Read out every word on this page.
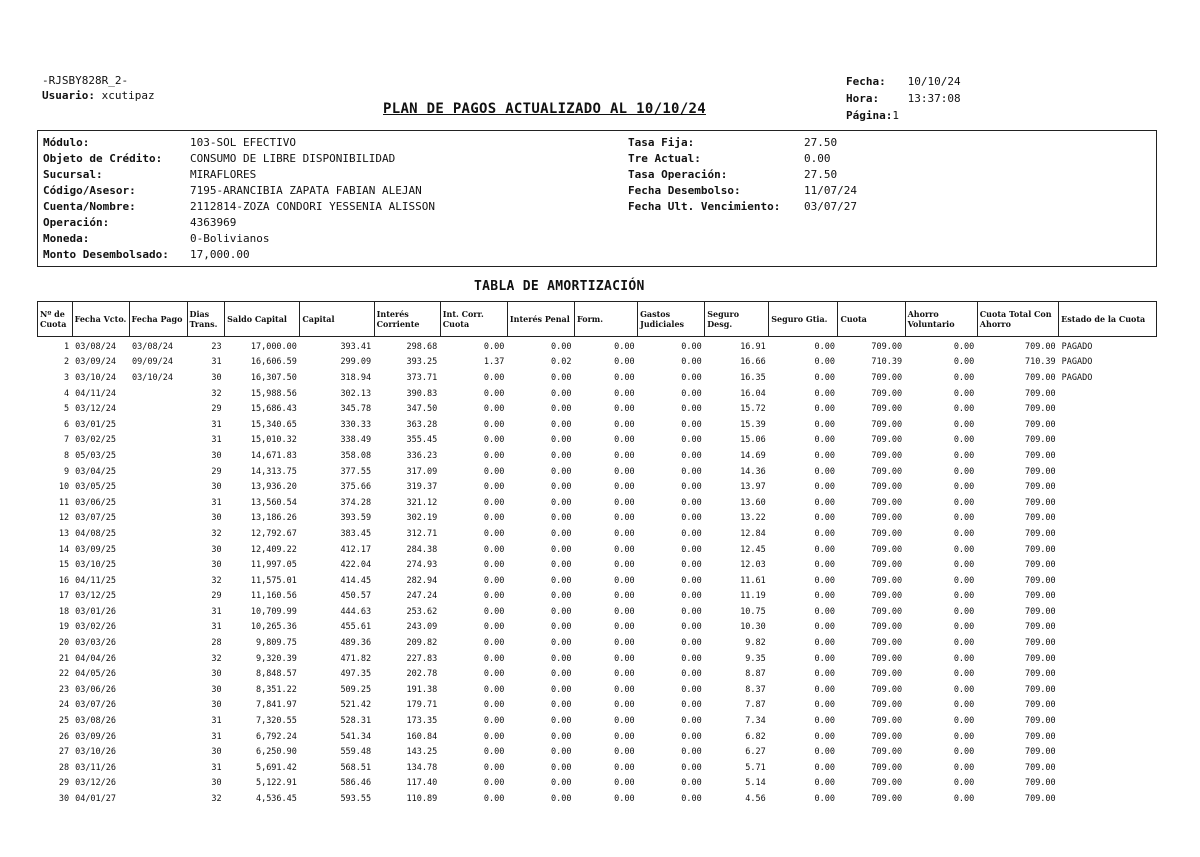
-RJSBY828R_2-
Usuario: xcutipaz
Fecha: 10/10/24
Hora:	13:37:08
Página:1
PLAN DE PAGOS ACTUALIZADO AL 10/10/24
Módulo:	103-SOL EFECTIVO
Objeto de Crédito:	CONSUMO DE LIBRE DISPONIBILIDAD
Sucursal:	MIRAFLORES
Código/Asesor:	7195-ARANCIBIA ZAPATA FABIAN ALEJAN
Cuenta/Nombre:	2112814-ZOZA CONDORI YESSENIA ALISSON
Operación:	4363969
Moneda:	0-Bolivianos
Monto Desembolsado:	17,000.00
Tasa Fija:	27.50
Tre Actual:	0.00
Tasa Operación:	27.50
Fecha Desembolso:	11/07/24
Fecha Ult. Vencimiento:	03/07/27
TABLA DE AMORTIZACIÓN
Nº de Cuota	Fecha Vcto.	Fecha Pago	Dias Trans.	Saldo Capital	Capital	Interés Corriente	Int. Corr. Cuota	Interés Penal	Form.	Gastos Judiciales	Seguro Desg.	Seguro Gtia.	Cuota	Ahorro Voluntario	Cuota Total Con Ahorro	Estado de la Cuota
1	03/08/24	03/08/24	23	17,000.00	393.41	298.68	0.00	0.00	0.00	0.00	16.91	0.00	709.00	0.00	709.00	PAGADO
2	03/09/24	09/09/24	31	16,606.59	299.09	393.25	1.37	0.02	0.00	0.00	16.66	0.00	710.39	0.00	710.39	PAGADO
3	03/10/24	03/10/24	30	16,307.50	318.94	373.71	0.00	0.00	0.00	0.00	16.35	0.00	709.00	0.00	709.00	PAGADO
4	04/11/24		32	15,988.56	302.13	390.83	0.00	0.00	0.00	0.00	16.04	0.00	709.00	0.00	709.00	
5	03/12/24		29	15,686.43	345.78	347.50	0.00	0.00	0.00	0.00	15.72	0.00	709.00	0.00	709.00	
6	03/01/25		31	15,340.65	330.33	363.28	0.00	0.00	0.00	0.00	15.39	0.00	709.00	0.00	709.00	
7	03/02/25		31	15,010.32	338.49	355.45	0.00	0.00	0.00	0.00	15.06	0.00	709.00	0.00	709.00	
8	05/03/25		30	14,671.83	358.08	336.23	0.00	0.00	0.00	0.00	14.69	0.00	709.00	0.00	709.00	
9	03/04/25		29	14,313.75	377.55	317.09	0.00	0.00	0.00	0.00	14.36	0.00	709.00	0.00	709.00	
10	03/05/25		30	13,936.20	375.66	319.37	0.00	0.00	0.00	0.00	13.97	0.00	709.00	0.00	709.00	
11	03/06/25		31	13,560.54	374.28	321.12	0.00	0.00	0.00	0.00	13.60	0.00	709.00	0.00	709.00	
12	03/07/25		30	13,186.26	393.59	302.19	0.00	0.00	0.00	0.00	13.22	0.00	709.00	0.00	709.00	
13	04/08/25		32	12,792.67	383.45	312.71	0.00	0.00	0.00	0.00	12.84	0.00	709.00	0.00	709.00	
14	03/09/25		30	12,409.22	412.17	284.38	0.00	0.00	0.00	0.00	12.45	0.00	709.00	0.00	709.00	
15	03/10/25		30	11,997.05	422.04	274.93	0.00	0.00	0.00	0.00	12.03	0.00	709.00	0.00	709.00	
16	04/11/25		32	11,575.01	414.45	282.94	0.00	0.00	0.00	0.00	11.61	0.00	709.00	0.00	709.00	
17	03/12/25		29	11,160.56	450.57	247.24	0.00	0.00	0.00	0.00	11.19	0.00	709.00	0.00	709.00	
18	03/01/26		31	10,709.99	444.63	253.62	0.00	0.00	0.00	0.00	10.75	0.00	709.00	0.00	709.00	
19	03/02/26		31	10,265.36	455.61	243.09	0.00	0.00	0.00	0.00	10.30	0.00	709.00	0.00	709.00	
20	03/03/26		28	9,809.75	489.36	209.82	0.00	0.00	0.00	0.00	9.82	0.00	709.00	0.00	709.00	
21	04/04/26		32	9,320.39	471.82	227.83	0.00	0.00	0.00	0.00	9.35	0.00	709.00	0.00	709.00	
22	04/05/26		30	8,848.57	497.35	202.78	0.00	0.00	0.00	0.00	8.87	0.00	709.00	0.00	709.00	
23	03/06/26		30	8,351.22	509.25	191.38	0.00	0.00	0.00	0.00	8.37	0.00	709.00	0.00	709.00	
24	03/07/26		30	7,841.97	521.42	179.71	0.00	0.00	0.00	0.00	7.87	0.00	709.00	0.00	709.00	
25	03/08/26		31	7,320.55	528.31	173.35	0.00	0.00	0.00	0.00	7.34	0.00	709.00	0.00	709.00	
26	03/09/26		31	6,792.24	541.34	160.84	0.00	0.00	0.00	0.00	6.82	0.00	709.00	0.00	709.00	
27	03/10/26		30	6,250.90	559.48	143.25	0.00	0.00	0.00	0.00	6.27	0.00	709.00	0.00	709.00	
28	03/11/26		31	5,691.42	568.51	134.78	0.00	0.00	0.00	0.00	5.71	0.00	709.00	0.00	709.00	
29	03/12/26		30	5,122.91	586.46	117.40	0.00	0.00	0.00	0.00	5.14	0.00	709.00	0.00	709.00	
30	04/01/27		32	4,536.45	593.55	110.89	0.00	0.00	0.00	0.00	4.56	0.00	709.00	0.00	709.00	
